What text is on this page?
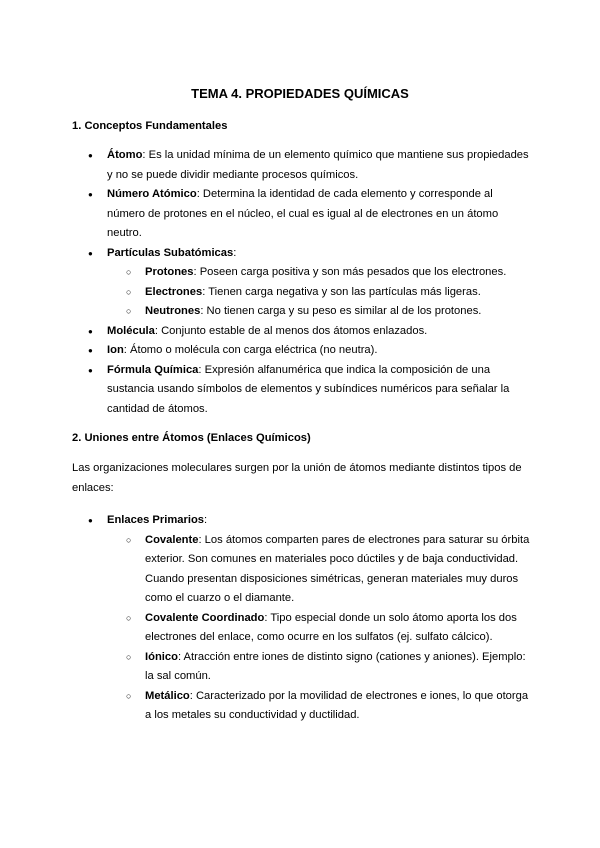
TEMA 4. PROPIEDADES QUÍMICAS
1. Conceptos Fundamentales
● Átomo: Es la unidad mínima de un elemento químico que mantiene sus propiedades y no se puede dividir mediante procesos químicos.
● Número Atómico: Determina la identidad de cada elemento y corresponde al número de protones en el núcleo, el cual es igual al de electrones en un átomo neutro.
● Partículas Subatómicas:
○ Protones: Poseen carga positiva y son más pesados que los electrones.
○ Electrones: Tienen carga negativa y son las partículas más ligeras.
○ Neutrones: No tienen carga y su peso es similar al de los protones.
● Molécula: Conjunto estable de al menos dos átomos enlazados.
● Ion: Átomo o molécula con carga eléctrica (no neutra).
● Fórmula Química: Expresión alfanumérica que indica la composición de una sustancia usando símbolos de elementos y subíndices numéricos para señalar la cantidad de átomos.
2. Uniones entre Átomos (Enlaces Químicos)
Las organizaciones moleculares surgen por la unión de átomos mediante distintos tipos de enlaces:
● Enlaces Primarios:
○ Covalente: Los átomos comparten pares de electrones para saturar su órbita exterior. Son comunes en materiales poco dúctiles y de baja conductividad. Cuando presentan disposiciones simétricas, generan materiales muy duros como el cuarzo o el diamante.
○ Covalente Coordinado: Tipo especial donde un solo átomo aporta los dos electrones del enlace, como ocurre en los sulfatos (ej. sulfato cálcico).
○ Iónico: Atracción entre iones de distinto signo (cationes y aniones). Ejemplo: la sal común.
○ Metálico: Caracterizado por la movilidad de electrones e iones, lo que otorga a los metales su conductividad y ductilidad.
